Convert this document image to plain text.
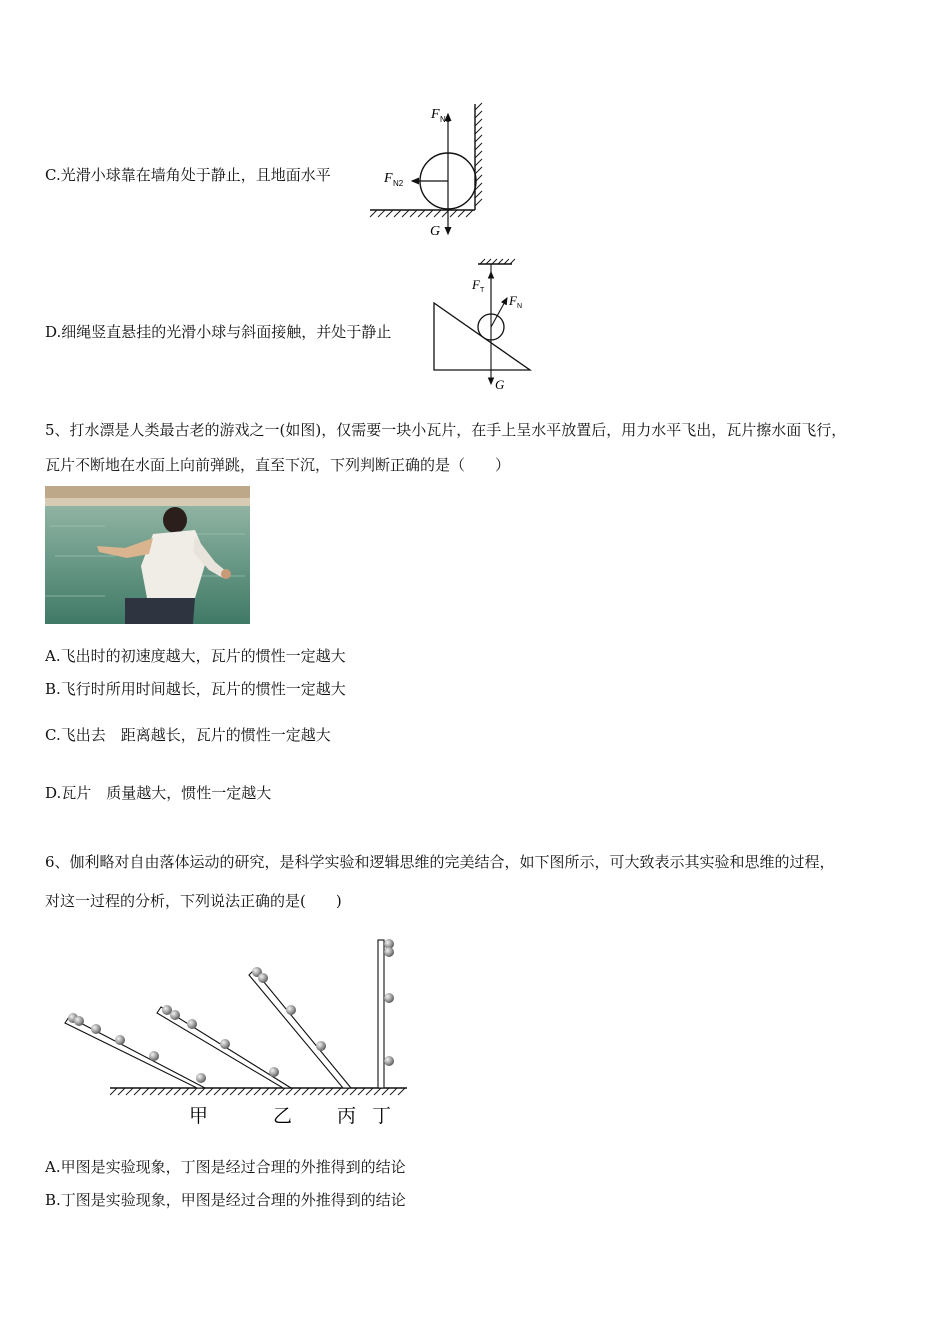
C.光滑小球靠在墙角处于静止，且地面水平
F N1
F N2
G
D.细绳竖直悬挂的光滑小球与斜面接触，并处于静止
F T
F N
G
5、打水漂是人类最古老的游戏之一(如图)，仅需要一块小瓦片，在手上呈水平放置后，用力水平飞出，瓦片擦水面飞行，
瓦片不断地在水面上向前弹跳，直至下沉，下列判断正确的是（　　）
A.飞出时的初速度越大，瓦片的惯性一定越大
B.飞行时所用时间越长，瓦片的惯性一定越大
C.飞出去　距离越长，瓦片的惯性一定越大
D.瓦片　质量越大，惯性一定越大
6、伽利略对自由落体运动的研究，是科学实验和逻辑思维的完美结合，如下图所示，可大致表示其实验和思维的过程，
对这一过程的分析，下列说法正确的是(　　)
甲	乙 丙 丁
A.甲图是实验现象，丁图是经过合理的外推得到的结论
B.丁图是实验现象，甲图是经过合理的外推得到的结论
